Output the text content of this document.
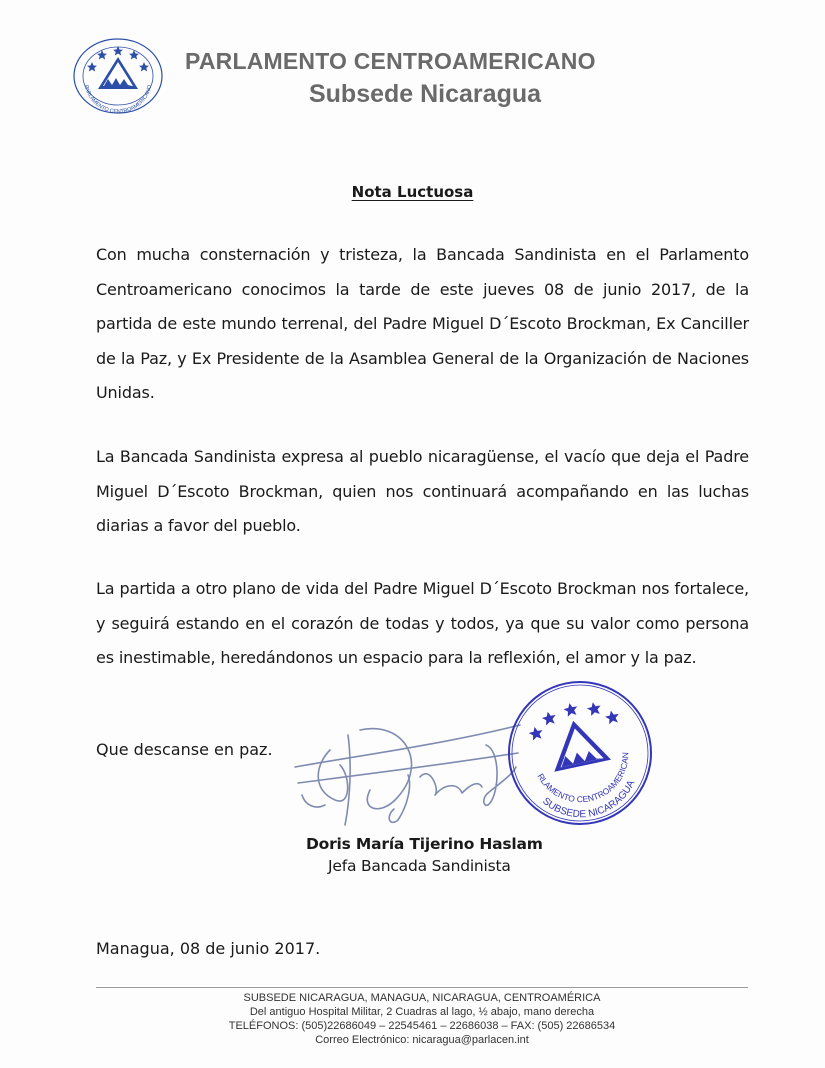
PARLAMENTO CENTROAMERICANO
PARLAMENTO CENTROAMERICANO
Subsede Nicaragua
Nota Luctuosa

Con mucha consternación y tristeza, la Bancada Sandinista en el Parlamento Centroamericano conocimos la tarde de este jueves 08 de junio 2017, de la partida de este mundo terrenal, del Padre Miguel D´Escoto Brockman, Ex Canciller de la Paz, y Ex Presidente de la Asamblea General de la Organización de Naciones Unidas.

La Bancada Sandinista expresa al pueblo nicaragüense, el vacío que deja el Padre Miguel D´Escoto Brockman, quien nos continuará acompañando en las luchas diarias a favor del pueblo.

La partida a otro plano de vida del Padre Miguel D´Escoto Brockman nos fortalece, y seguirá estando en el corazón de todas y todos, ya que su valor como persona es inestimable, heredándonos un espacio para la reflexión, el amor y la paz.

Que descanse en paz.
PARLAMENTO CENTROAMERICANO
SUBSEDE NICARAGUA
Doris María Tijerino Haslam
Jefa Bancada Sandinista
Managua, 08 de junio 2017.
SUBSEDE NICARAGUA, MANAGUA, NICARAGUA, CENTROAMÉRICA
Del antiguo Hospital Militar, 2 Cuadras al lago, ½ abajo, mano derecha
TELÉFONOS: (505)22686049 – 22545461 – 22686038 – FAX: (505) 22686534
Correo Electrónico: nicaragua@parlacen.int
